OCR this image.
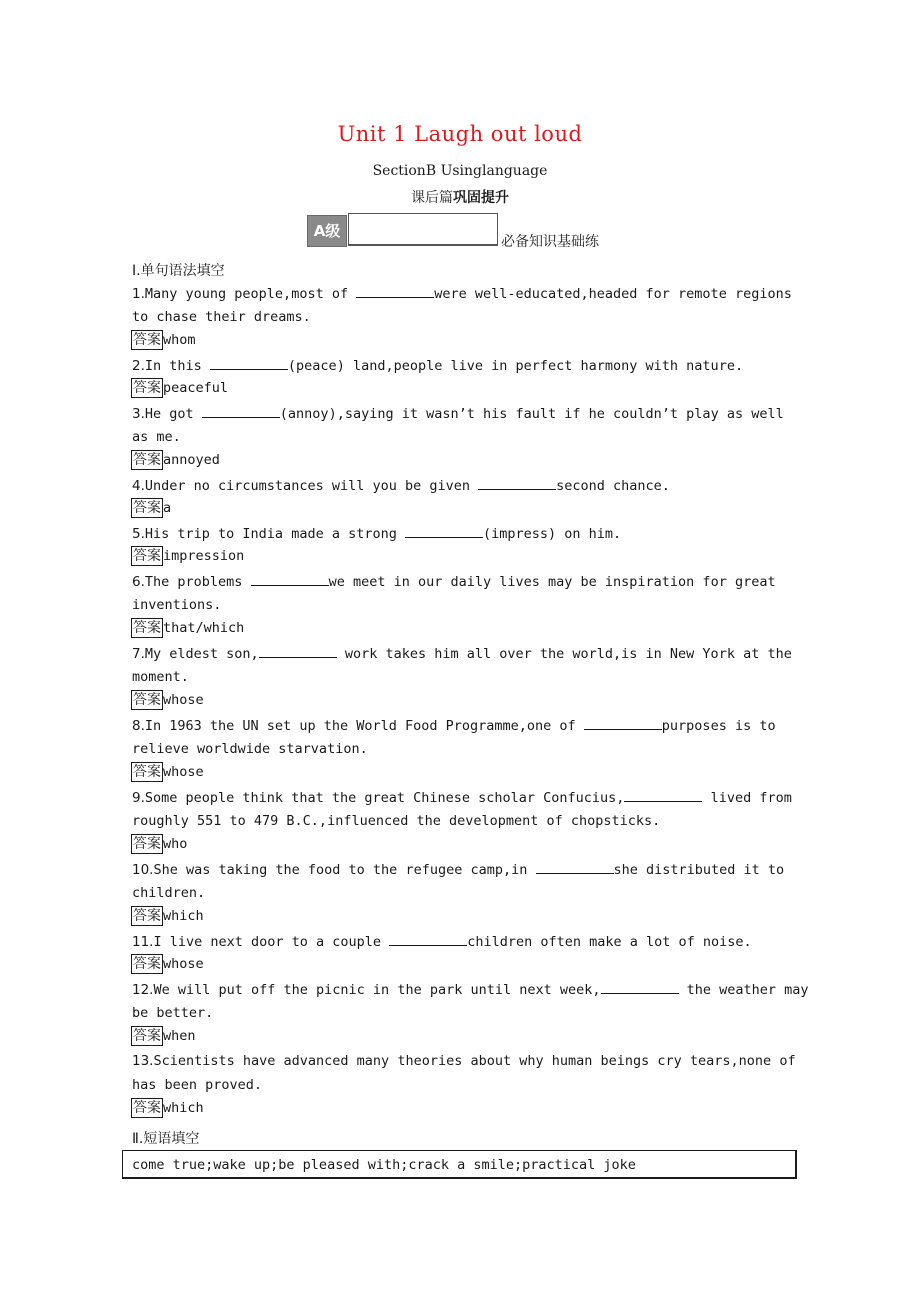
Unit 1 Laugh out loud
SectionB Usinglanguage
课后篇巩固提升
A级
必备知识基础练
Ⅰ.单句语法填空
1.Many young people,most of	were well-educated,headed for remote regions
to chase their dreams.
答案 whom
2.In this	(peace) land,people live in perfect harmony with nature.
答案 peaceful
3.He got	(annoy),saying it wasn’t his fault if he couldn’t play as well
as me.
答案 annoyed
4.Under no circumstances will you be given	second chance.
答案 a
5.His trip to India made a strong	(impress) on him.
答案 impression
6.The problems	we meet in our daily lives may be inspiration for great
inventions.
答案 that/which
7.My eldest son,	work takes him all over the world,is in New York at the
moment.
答案 whose
8.In 1963 the UN set up the World Food Programme,one of	purposes is to
relieve worldwide starvation.
答案 whose
9.Some people think that the great Chinese scholar Confucius,	lived from
roughly 551 to 479 B.C.,influenced the development of chopsticks.
答案 who
10.She was taking the food to the refugee camp,in	she distributed it to
children.
答案 which
11.I live next door to a couple	children often make a lot of noise.
答案 whose
12.We will put off the picnic in the park until next week,	the weather may
be better.
答案 when
13.Scientists have advanced many theories about why human beings cry tears,none of
has been proved.
答案 which
Ⅱ.短语填空
come true;wake up;be pleased with;crack a smile;practical joke
